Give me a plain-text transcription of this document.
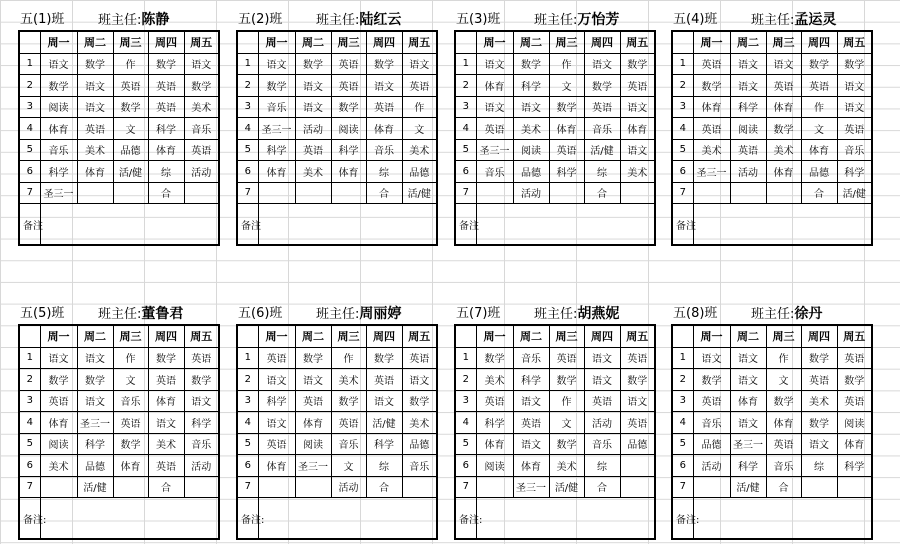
五(1)班	班主任:陈静
	周一	周二	周三	周四	周五
1	语文	数学	作	数学	语文
2	数学	语文	英语	英语	数学
3	阅读	语文	数学	英语	美术
4	体育	英语	文	科学	音乐
5	音乐	美术	品德	体育	英语
6	科学	体育	活/健	综	活动
7	圣三一			合	
备注					
五(2)班	班主任:陆红云
	周一	周二	周三	周四	周五
1	语文	数学	英语	数学	语文
2	数学	语文	英语	语文	英语
3	音乐	语文	数学	英语	作
4	圣三一	活动	阅读	体育	文
5	科学	英语	科学	音乐	美术
6	体育	美术	体育	综	品德
7				合	活/健
备注					
五(3)班	班主任:万怡芳
	周一	周二	周三	周四	周五
1	语文	数学	作	语文	数学
2	体育	科学	文	数学	英语
3	语文	语文	数学	英语	语文
4	英语	美术	体育	音乐	体育
5	圣三一	阅读	英语	活/健	语文
6	音乐	品德	科学	综	美术
7		活动		合	
备注					
五(4)班	班主任:孟运灵
	周一	周二	周三	周四	周五
1	英语	语文	语文	数学	数学
2	数学	语文	英语	英语	语文
3	体育	科学	体育	作	语文
4	英语	阅读	数学	文	英语
5	美术	英语	美术	体育	音乐
6	圣三一	活动	体育	品德	科学
7				合	活/健
备注					
五(5)班	班主任:董鲁君
	周一	周二	周三	周四	周五
1	语文	语文	作	数学	英语
2	数学	数学	文	英语	数学
3	英语	语文	音乐	体育	语文
4	体育	圣三一	英语	语文	科学
5	阅读	科学	数学	美术	音乐
6	美术	品德	体育	英语	活动
7		活/健		合	
备注:					
五(6)班	班主任:周丽婷
	周一	周二	周三	周四	周五
1	英语	数学	作	数学	英语
2	语文	语文	美术	英语	语文
3	科学	英语	数学	语文	数学
4	语文	体育	英语	活/健	美术
5	英语	阅读	音乐	科学	品德
6	体育	圣三一	文	综	音乐
7			活动	合	
备注:					
五(7)班	班主任:胡燕妮
	周一	周二	周三	周四	周五
1	数学	音乐	英语	语文	英语
2	美术	科学	数学	语文	数学
3	英语	语文	作	英语	语文
4	科学	英语	文	活动	英语
5	体育	语文	数学	音乐	品德
6	阅读	体育	美术	综	
7		圣三一	活/健	合	
备注:					
五(8)班	班主任:徐丹
	周一	周二	周三	周四	周五
1	语文	语文	作	数学	英语
2	数学	语文	文	英语	数学
3	英语	体育	数学	美术	英语
4	音乐	语文	体育	数学	阅读
5	品德	圣三一	英语	语文	体育
6	活动	科学	音乐	综	科学
7		活/健	合		
备注:					
